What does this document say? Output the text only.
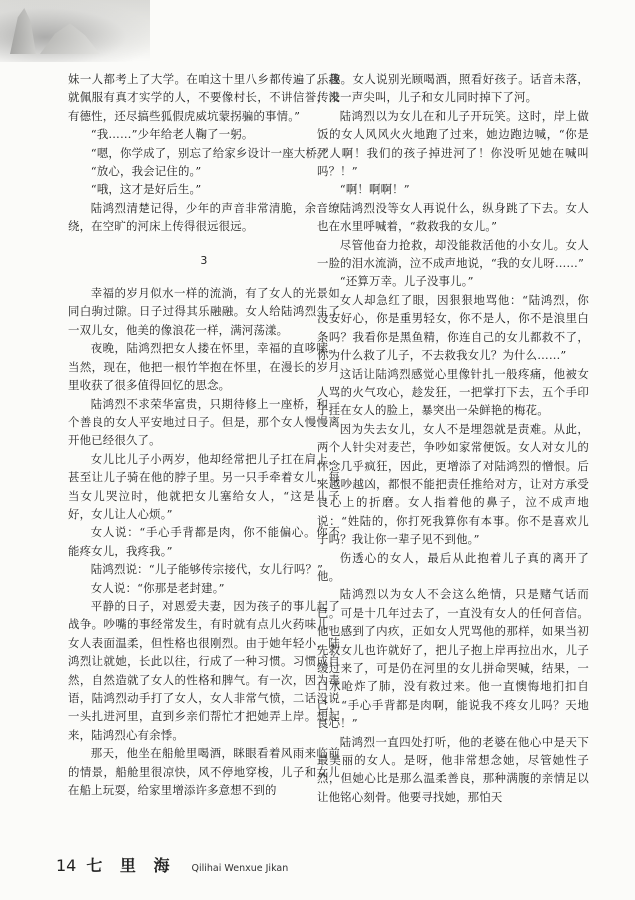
妹一人都考上了大学。在咱这十里八乡都传遍了。我就佩服有真才实学的人，不要像村长，不讲信誉，没有德性，还尽搞些狐假虎威坑蒙拐骗的事情。”

“我……”少年给老人鞠了一躬。

“嗯，你学成了，别忘了给家乡设计一座大桥。”

“放心，我会记住的。”

“哦，这才是好后生。”

陆鸿烈清楚记得，少年的声音非常清脆，余音缭绕，在空旷的河床上传得很远很远。

3

幸福的岁月似水一样的流淌，有了女人的光景如同白驹过隙。日子过得其乐融融。女人给陆鸿烈生了一双儿女，他美的像浪花一样，满河荡漾。

夜晚，陆鸿烈把女人搂在怀里，幸福的直哆嗦。当然，现在，他把一根竹竿抱在怀里，在漫长的岁月里收获了很多值得回忆的思念。

陆鸿烈不求荣华富贵，只期待修上一座桥，和一个善良的女人平安地过日子。但是，那个女人慢慢离开他已经很久了。

女儿比儿子小两岁，他却经常把儿子扛在肩上，甚至让儿子骑在他的脖子里。另一只手牵着女儿，每当女儿哭泣时，他就把女儿塞给女人，“这是儿子好，女儿让人心烦。”

女人说：“手心手背都是肉，你不能偏心。你不能疼女儿，我疼我。”

陆鸿烈说：“儿子能够传宗接代，女儿行吗？”

女人说：“你那是老封建。”

平静的日子，对恩爱夫妻，因为孩子的事儿起了战争。吵嘴的事经常发生，有时就有点儿火药味儿。女人表面温柔，但性格也很刚烈。由于她年轻小，陆鸿烈让就她，长此以往，行成了一种习惯。习惯成自然，自然造就了女人的性格和脾气。有一次，因为毒语，陆鸿烈动手打了女人，女人非常气愤，二话没说一头扎进河里，直到乡亲们帮忙才把她弄上岸。想起来，陆鸿烈心有余悸。

那天，他坐在船舱里喝酒，眯眼看着风雨来临前的情景，船舱里很凉快，风不停地穿梭，儿子和女儿在船上玩耍，给家里增添许多意想不到的

乐趣。女人说别光顾喝酒，照看好孩子。话音未落，传来一声尖叫，儿子和女儿同时掉下了河。

陆鸿烈以为女儿在和儿子开玩笑。这时，岸上做饭的女人风风火火地跑了过来，她边跑边喊，“你是死人啊！我们的孩子掉进河了！你没听见她在喊叫吗？！”

“啊！啊啊！”

陆鸿烈没等女人再说什么，纵身跳了下去。女人也在水里呼喊着，“救救我的女儿。”

尽管他奋力抢救，却没能救活他的小女儿。女人一脸的泪水流淌，泣不成声地说，“我的女儿呀……”

“还算万幸。儿子没事儿。”

女人却急红了眼，因狠狠地骂他：“陆鸿烈，你没安好心，你是重男轻女，你不是人，你不是浪里白条吗？我看你是黑鱼精，你连自己的女儿都救不了，你为什么救了儿子，不去救我女儿？为什么……”

这话让陆鸿烈感觉心里像针扎一般疼痛，他被女人骂的火气攻心，趁发狂，一把掌打下去，五个手印子挂在女人的脸上，暴突出一朵鲜艳的梅花。

因为失去女儿，女人不是埋怨就是责难。从此，两个人针尖对麦芒，争吵如家常便饭。女人对女儿的怀念几乎疯狂，因此，更增添了对陆鸿烈的憎恨。后来越吵越凶，都恨不能把责任推给对方，让对方承受良心上的折磨。女人指着他的鼻子，泣不成声地说：“姓陆的，你打死我算你有本事。你不是喜欢儿子吗？我让你一辈子见不到他。”

伤透心的女人，最后从此抱着儿子真的离开了他。

陆鸿烈以为女人不会这么绝情，只是赌气话而已。可是十几年过去了，一直没有女人的任何音信。他也感到了内疚，正如女人咒骂他的那样，如果当初先救女儿也许就好了，把儿子抱上岸再拉出水，儿子缓过来了，可是仍在河里的女儿拼命哭喊，结果，一口水呛炸了肺，没有救过来。他一直懊悔地扪扣自己，“手心手背都是肉啊，能说我不疼女儿吗？天地良心！”

陆鸿烈一直四处打听，他的老婆在他心中是天下最美丽的女人。是呀，他非常想念她，尽管她性子烈，但她心比是那么温柔善良，那种满腹的亲情足以让他铭心刻骨。他要寻找她，那怕天

14 七 里 海 Qilihai Wenxue Jikan
